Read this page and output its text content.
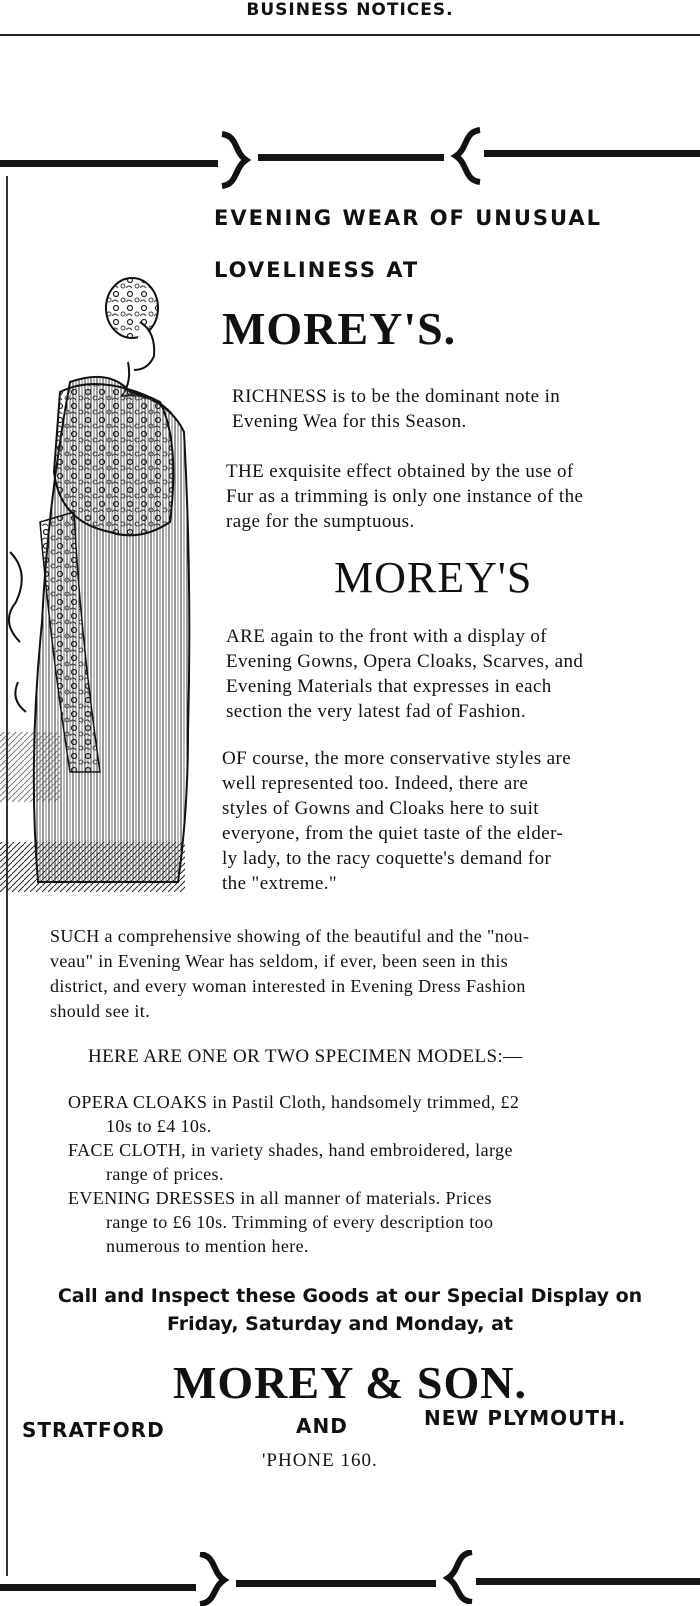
BUSINESS NOTICES.
EVENING WEAR OF UNUSUAL
LOVELINESS AT
MOREY'S.

RICHNESS is to be the dominant note in

Evening Wea for this Season.

THE exquisite effect obtained by the use of

Fur as a trimming is only one instance of the

rage for the sumptuous.

MOREY'S

ARE again to the front with a display of

Evening Gowns, Opera Cloaks, Scarves, and

Evening Materials that expresses in each

section the very latest fad of Fashion.

OF course, the more conservative styles are

well represented too. Indeed, there are

styles of Gowns and Cloaks here to suit

everyone, from the quiet taste of the elder-

ly lady, to the racy coquette's demand for

the "extreme."

SUCH a comprehensive showing of the beautiful and the "nou-

veau" in Evening Wear has seldom, if ever, been seen in this

district, and every woman interested in Evening Dress Fashion

should see it.

HERE ARE ONE OR TWO SPECIMEN MODELS:—

OPERA CLOAKS in Pastil Cloth, handsomely trimmed, £2

10s to £4 10s.

FACE CLOTH, in variety shades, hand embroidered, large

range of prices.

EVENING DRESSES in all manner of materials. Prices

range to £6 10s. Trimming of every description too

numerous to mention here.

Call and Inspect these Goods at our Special Display on
Friday, Saturday and Monday, at
MOREY & SON.
STRATFORD	AND	NEW PLYMOUTH.
'PHONE 160.
